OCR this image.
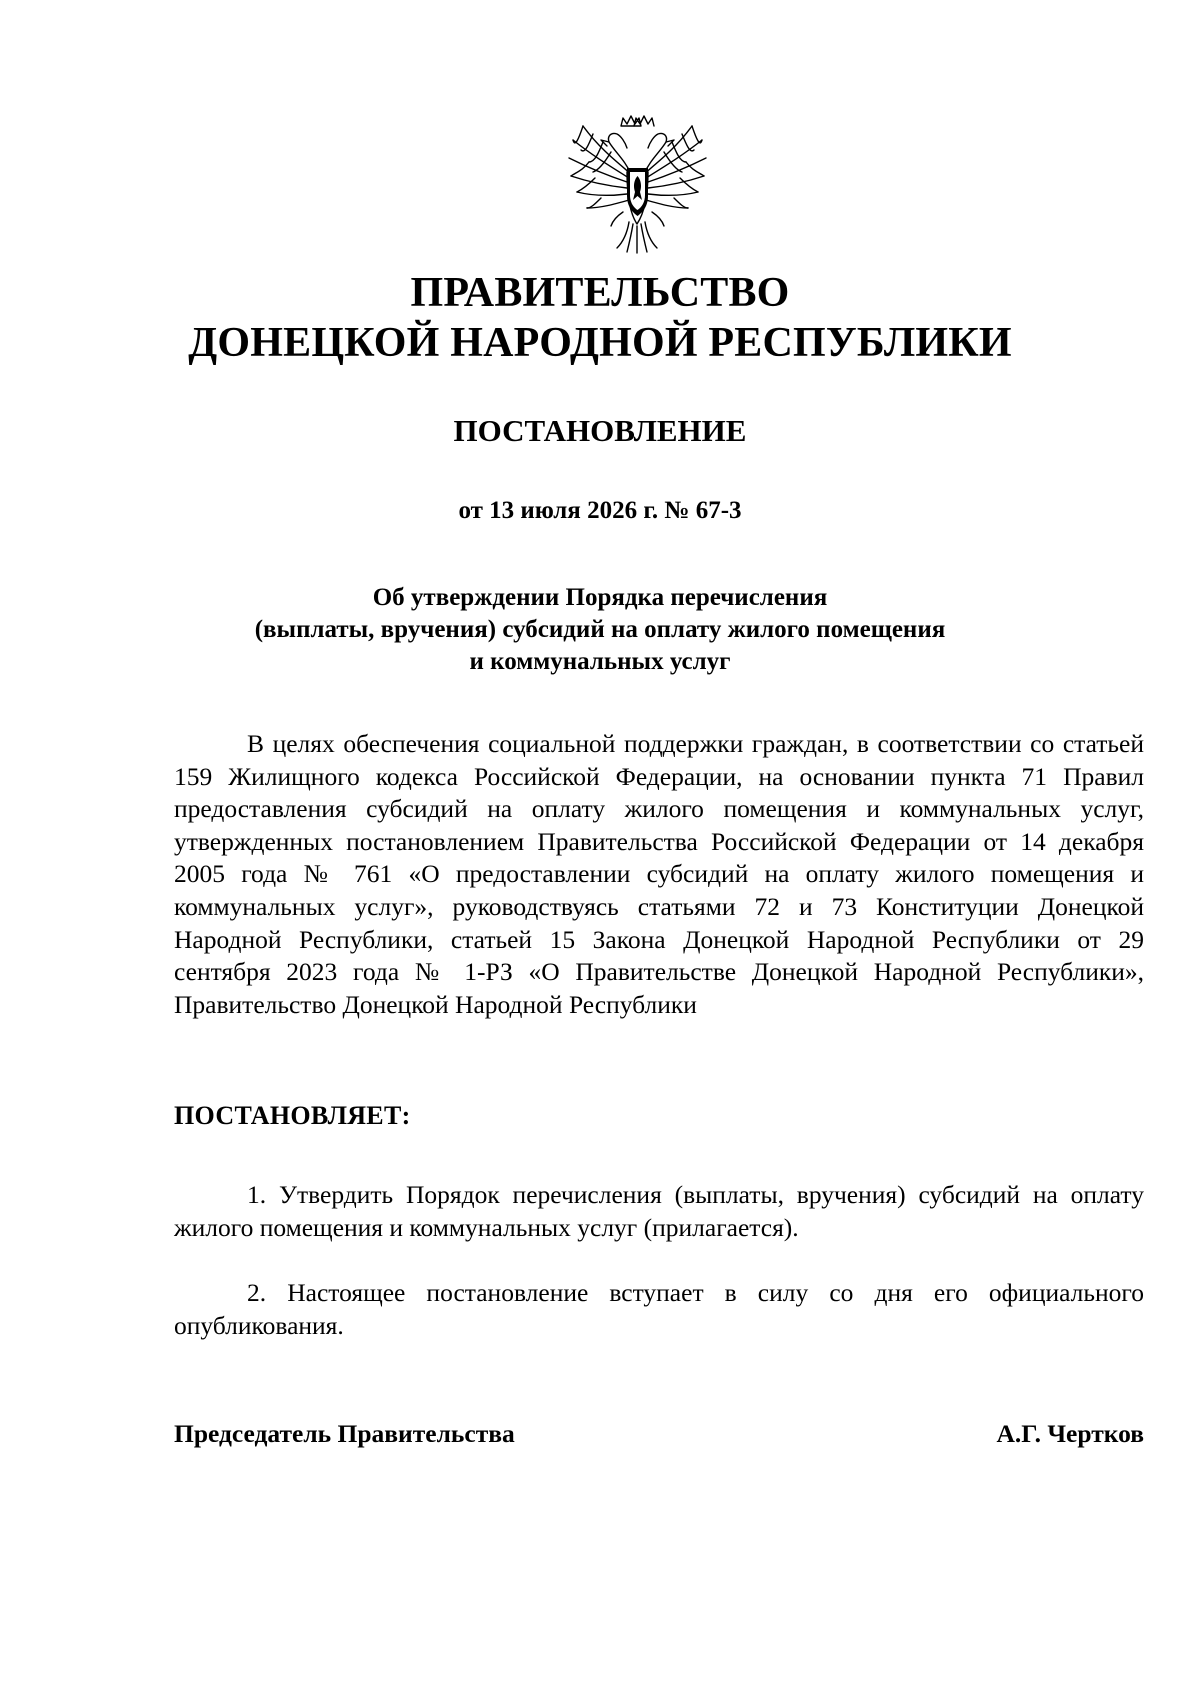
ПРАВИТЕЛЬСТВО
ДОНЕЦКОЙ НАРОДНОЙ РЕСПУБЛИКИ
ПОСТАНОВЛЕНИЕ
от 13 июля 2026 г. № 67-3
Об утверждении Порядка перечисления
(выплаты, вручения) субсидий на оплату жилого помещения
и коммунальных услуг

В целях обеспечения социальной поддержки граждан, в соответствии со статьей 159 Жилищного кодекса Российской Федерации, на основании пункта 71 Правил предоставления субсидий на оплату жилого помещения и коммунальных услуг, утвержденных постановлением Правительства Российской Федерации от 14 декабря 2005 года № 761 «О предоставлении субсидий на оплату жилого помещения и коммунальных услуг», руководствуясь статьями 72 и 73 Конституции Донецкой Народной Республики, статьей 15 Закона Донецкой Народной Республики от 29 сентября 2023 года № 1-РЗ «О Правительстве Донецкой Народной Республики», Правительство Донецкой Народной Республики

ПОСТАНОВЛЯЕТ:

1. Утвердить Порядок перечисления (выплаты, вручения) субсидий на оплату жилого помещения и коммунальных услуг (прилагается).

2. Настоящее постановление вступает в силу со дня его официального опубликования.

Председатель Правительства	А.Г. Чертков
